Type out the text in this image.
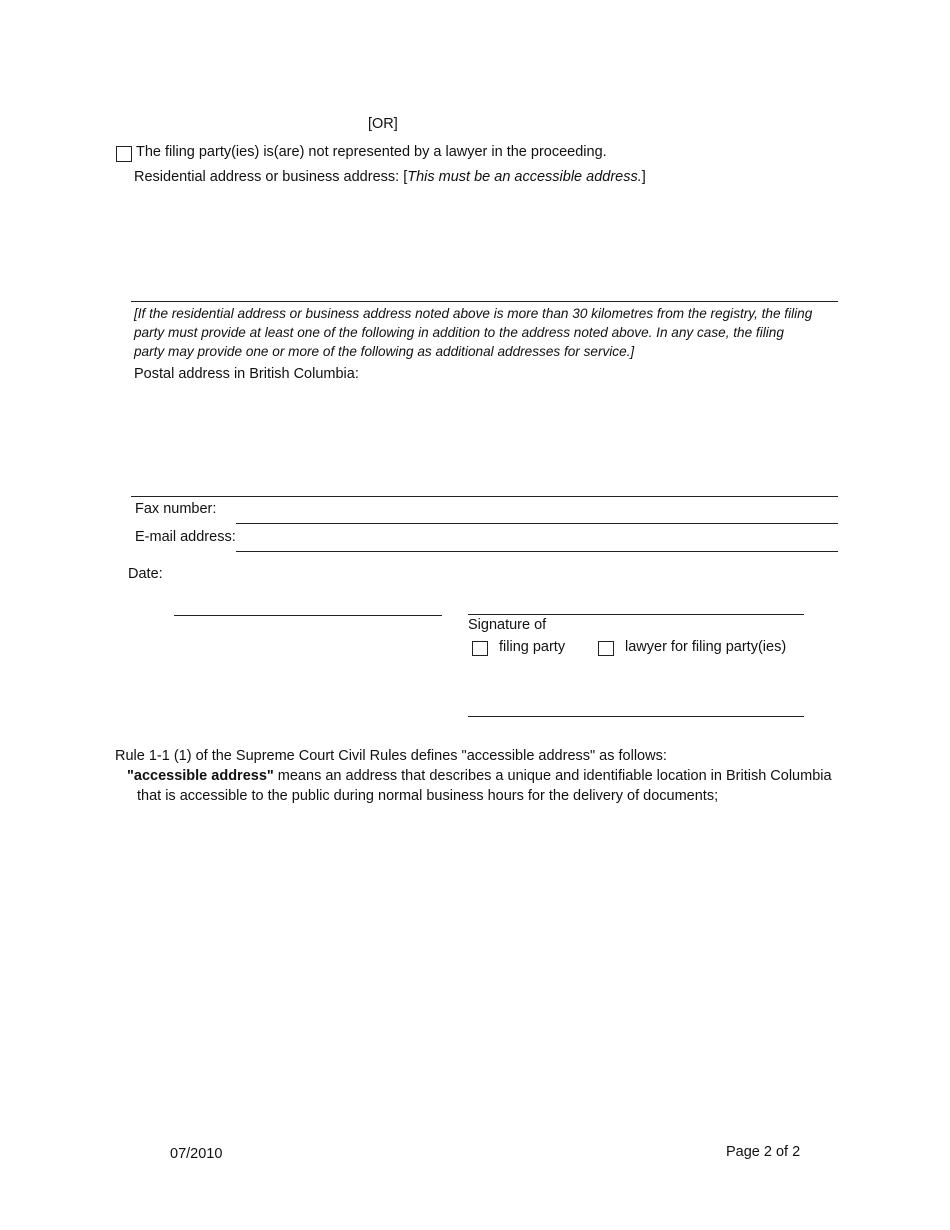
[OR]
The filing party(ies) is(are) not represented by a lawyer in the proceeding.
Residential address or business address: [This must be an accessible address.]
[If the residential address or business address noted above is more than 30 kilometres from the registry, the filing
party must provide at least one of the following in addition to the address noted above. In any case, the filing
party may provide one or more of the following as additional addresses for service.]
Postal address in British Columbia:
Fax number:
E-mail address:
Date:
Signature of
filing party	lawyer for filing party(ies)
Rule 1-1 (1) of the Supreme Court Civil Rules defines "accessible address" as follows:
"accessible address" means an address that describes a unique and identifiable location in British Columbia
that is accessible to the public during normal business hours for the delivery of documents;
07/2010	Page 2 of 2
